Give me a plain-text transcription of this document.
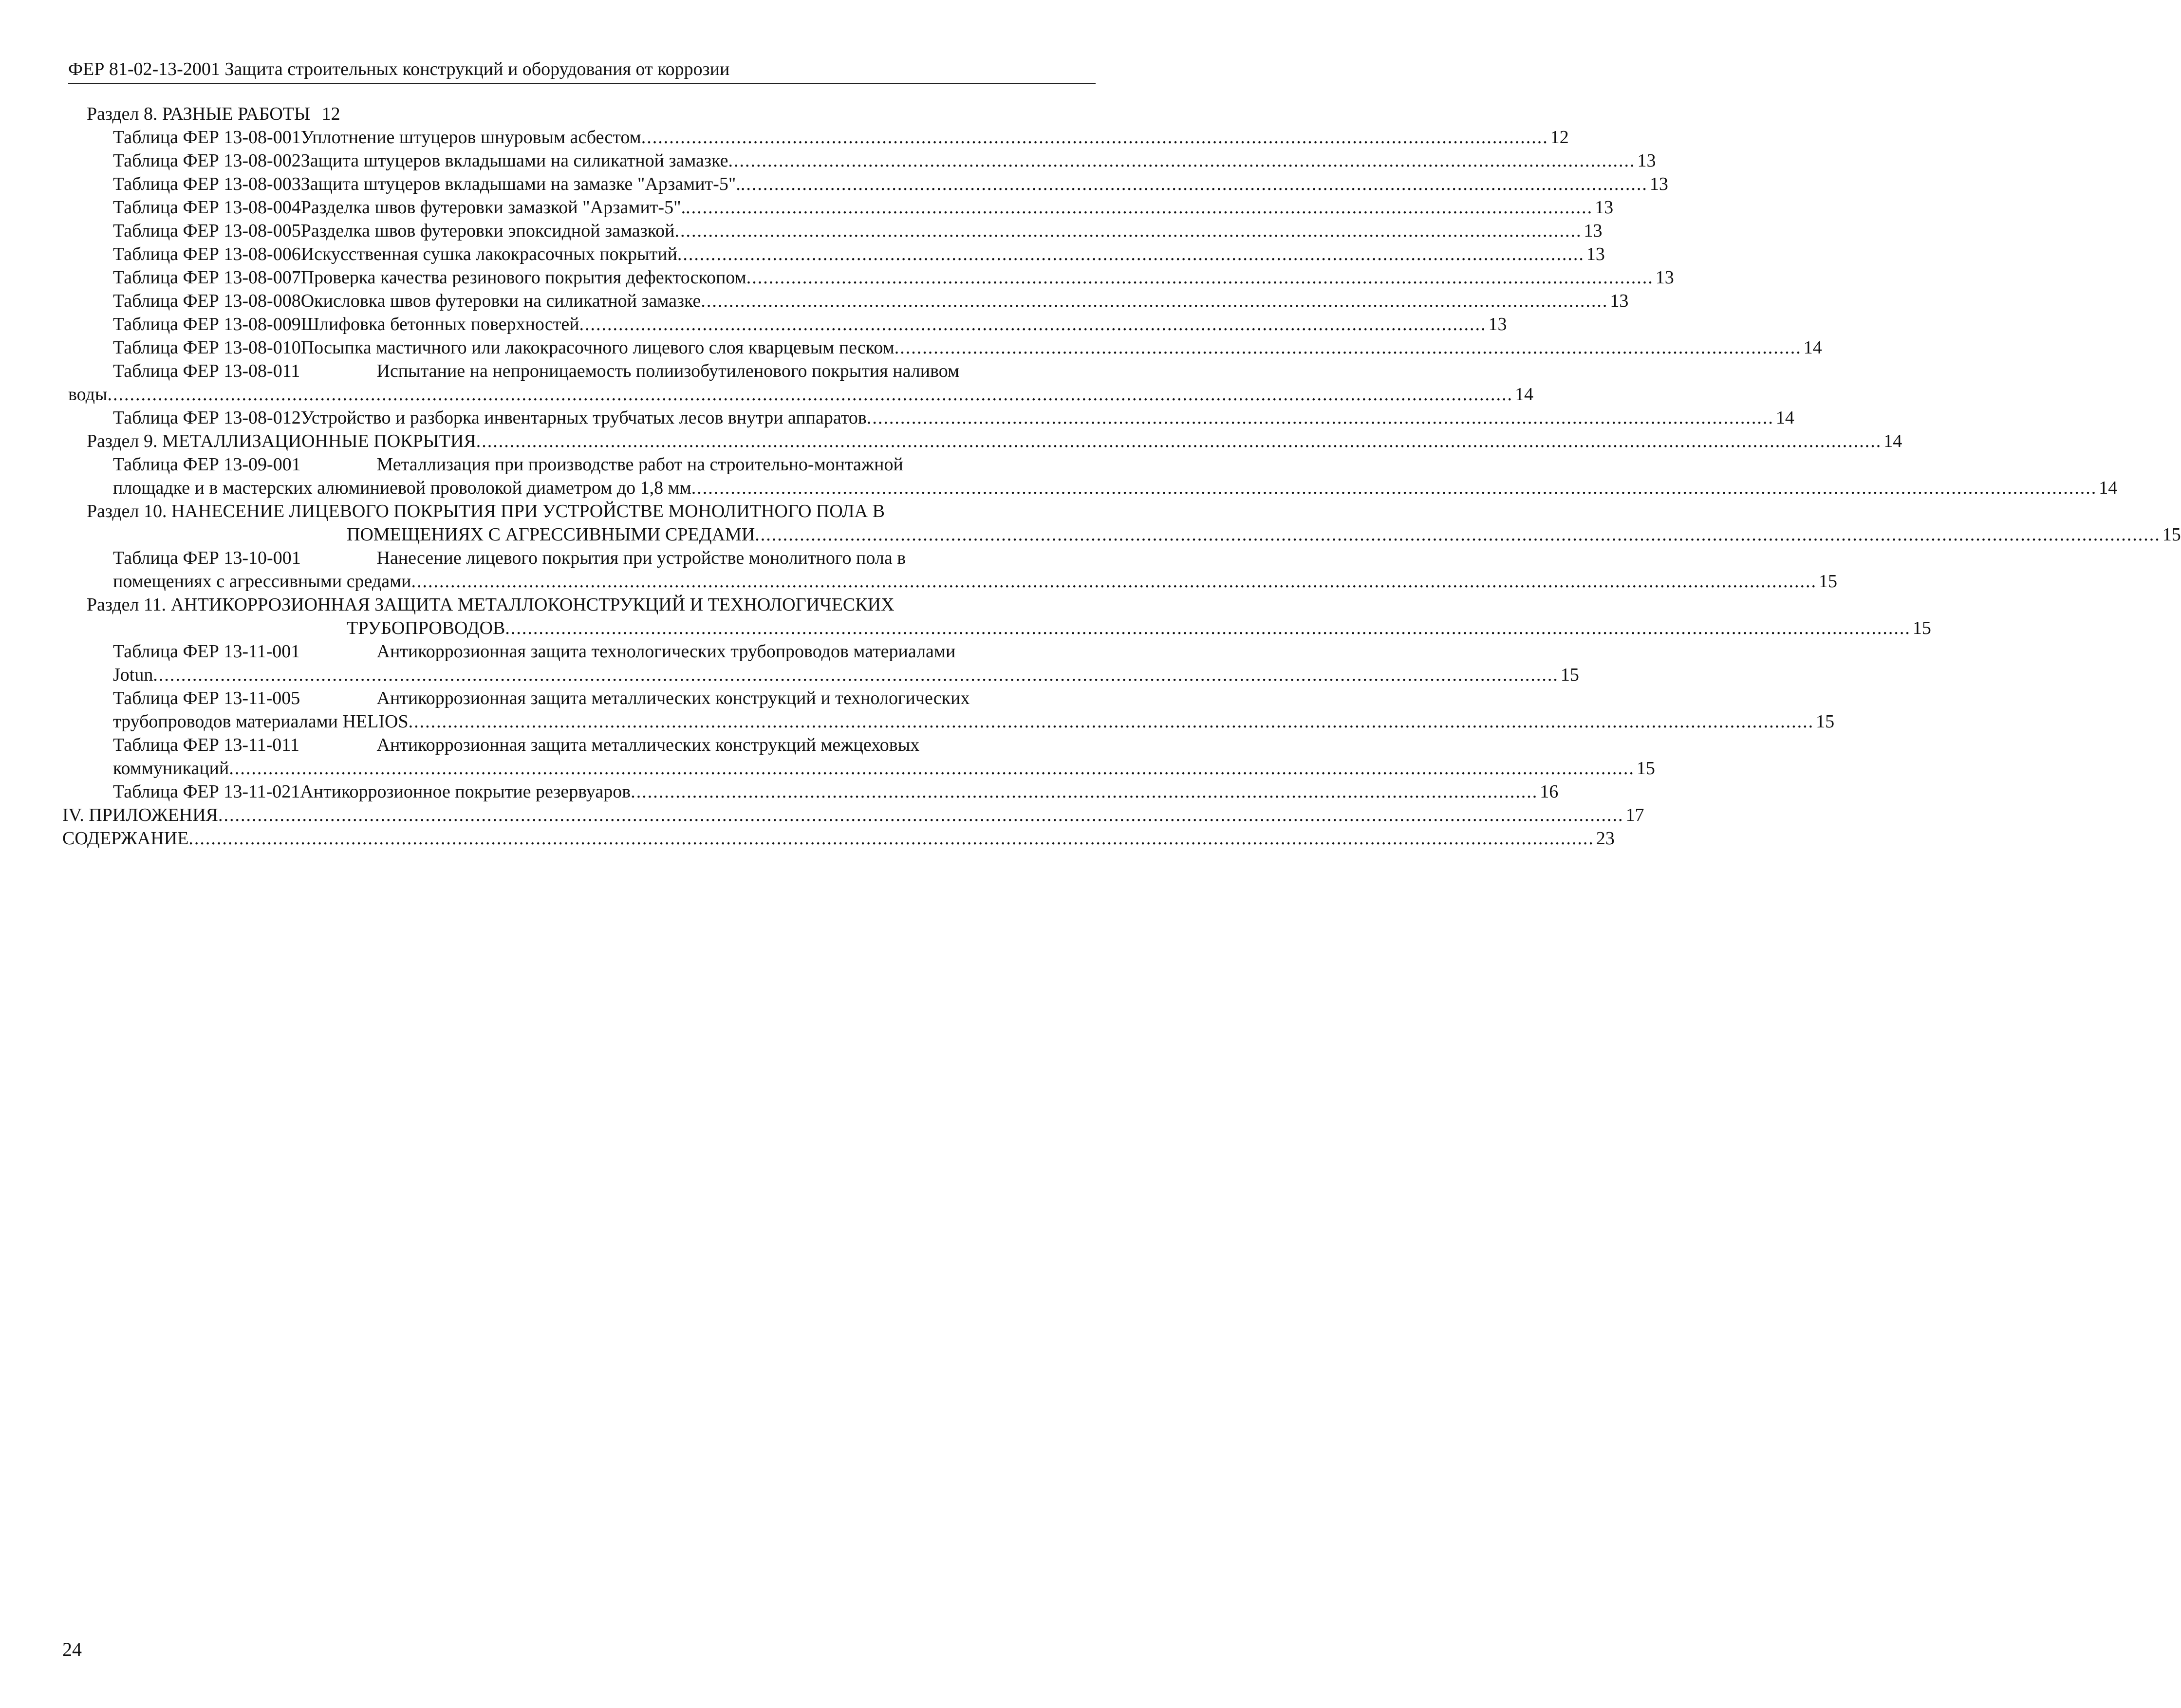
ФЕР 81-02-13-2001 Защита строительных конструкций и оборудования от коррозии
Раздел 8. РАЗНЫЕ РАБОТЫ 12
Таблица ФЕР 13-08-001 Уплотнение штуцеров шнуровым асбестом .................................................................................................................................................................. 12
Таблица ФЕР 13-08-002 Защита штуцеров вкладышами на силикатной замазке .................................................................................................................................................................. 13
Таблица ФЕР 13-08-003 Защита штуцеров вкладышами на замазке "Арзамит-5". .................................................................................................................................................................. 13
Таблица ФЕР 13-08-004 Разделка швов футеровки замазкой "Арзамит-5". .................................................................................................................................................................. 13
Таблица ФЕР 13-08-005 Разделка швов футеровки эпоксидной замазкой .................................................................................................................................................................. 13
Таблица ФЕР 13-08-006 Искусственная сушка лакокрасочных покрытий .................................................................................................................................................................. 13
Таблица ФЕР 13-08-007 Проверка качества резинового покрытия дефектоскопом .................................................................................................................................................................. 13
Таблица ФЕР 13-08-008 Окисловка швов футеровки на силикатной замазке .................................................................................................................................................................. 13
Таблица ФЕР 13-08-009 Шлифовка бетонных поверхностей .................................................................................................................................................................. 13
Таблица ФЕР 13-08-010 Посыпка мастичного или лакокрасочного лицевого слоя кварцевым песком .................................................................................................................................................................. 14
Таблица ФЕР 13-08-011	Испытание на непроницаемость полиизобутиленового покрытия наливом
воды ........................................................................................................................................................................................................................................................... 14
Таблица ФЕР 13-08-012 Устройство и разборка инвентарных трубчатых лесов внутри аппаратов .................................................................................................................................................................. 14
Раздел 9. МЕТАЛЛИЗАЦИОННЫЕ ПОКРЫТИЯ ........................................................................................................................................................................................................................................................... 14
Таблица ФЕР 13-09-001	Металлизация при производстве работ на строительно-монтажной
площадке и в мастерских алюминиевой проволокой диаметром до 1,8 мм ........................................................................................................................................................................................................................................................... 14
Раздел 10. НАНЕСЕНИЕ ЛИЦЕВОГО ПОКРЫТИЯ ПРИ УСТРОЙСТВЕ МОНОЛИТНОГО ПОЛА В
ПОМЕЩЕНИЯХ С АГРЕССИВНЫМИ СРЕДАМИ ........................................................................................................................................................................................................................................................... 15
Таблица ФЕР 13-10-001	Нанесение лицевого покрытия при устройстве монолитного пола в
помещениях с агрессивными средами ........................................................................................................................................................................................................................................................... 15
Раздел 11. АНТИКОРРОЗИОННАЯ ЗАЩИТА МЕТАЛЛОКОНСТРУКЦИЙ И ТЕХНОЛОГИЧЕСКИХ
ТРУБОПРОВОДОВ ........................................................................................................................................................................................................................................................... 15
Таблица ФЕР 13-11-001	Антикоррозионная защита технологических трубопроводов материалами
Jotun ........................................................................................................................................................................................................................................................... 15
Таблица ФЕР 13-11-005	Антикоррозионная защита металлических конструкций и технологических
трубопроводов материалами HELIOS ........................................................................................................................................................................................................................................................... 15
Таблица ФЕР 13-11-011	Антикоррозионная защита металлических конструкций межцеховых
коммуникаций ........................................................................................................................................................................................................................................................... 15
Таблица ФЕР 13-11-021 Антикоррозионное покрытие резервуаров .................................................................................................................................................................. 16
IV. ПРИЛОЖЕНИЯ ........................................................................................................................................................................................................................................................... 17
СОДЕРЖАНИЕ ........................................................................................................................................................................................................................................................... 23
24
